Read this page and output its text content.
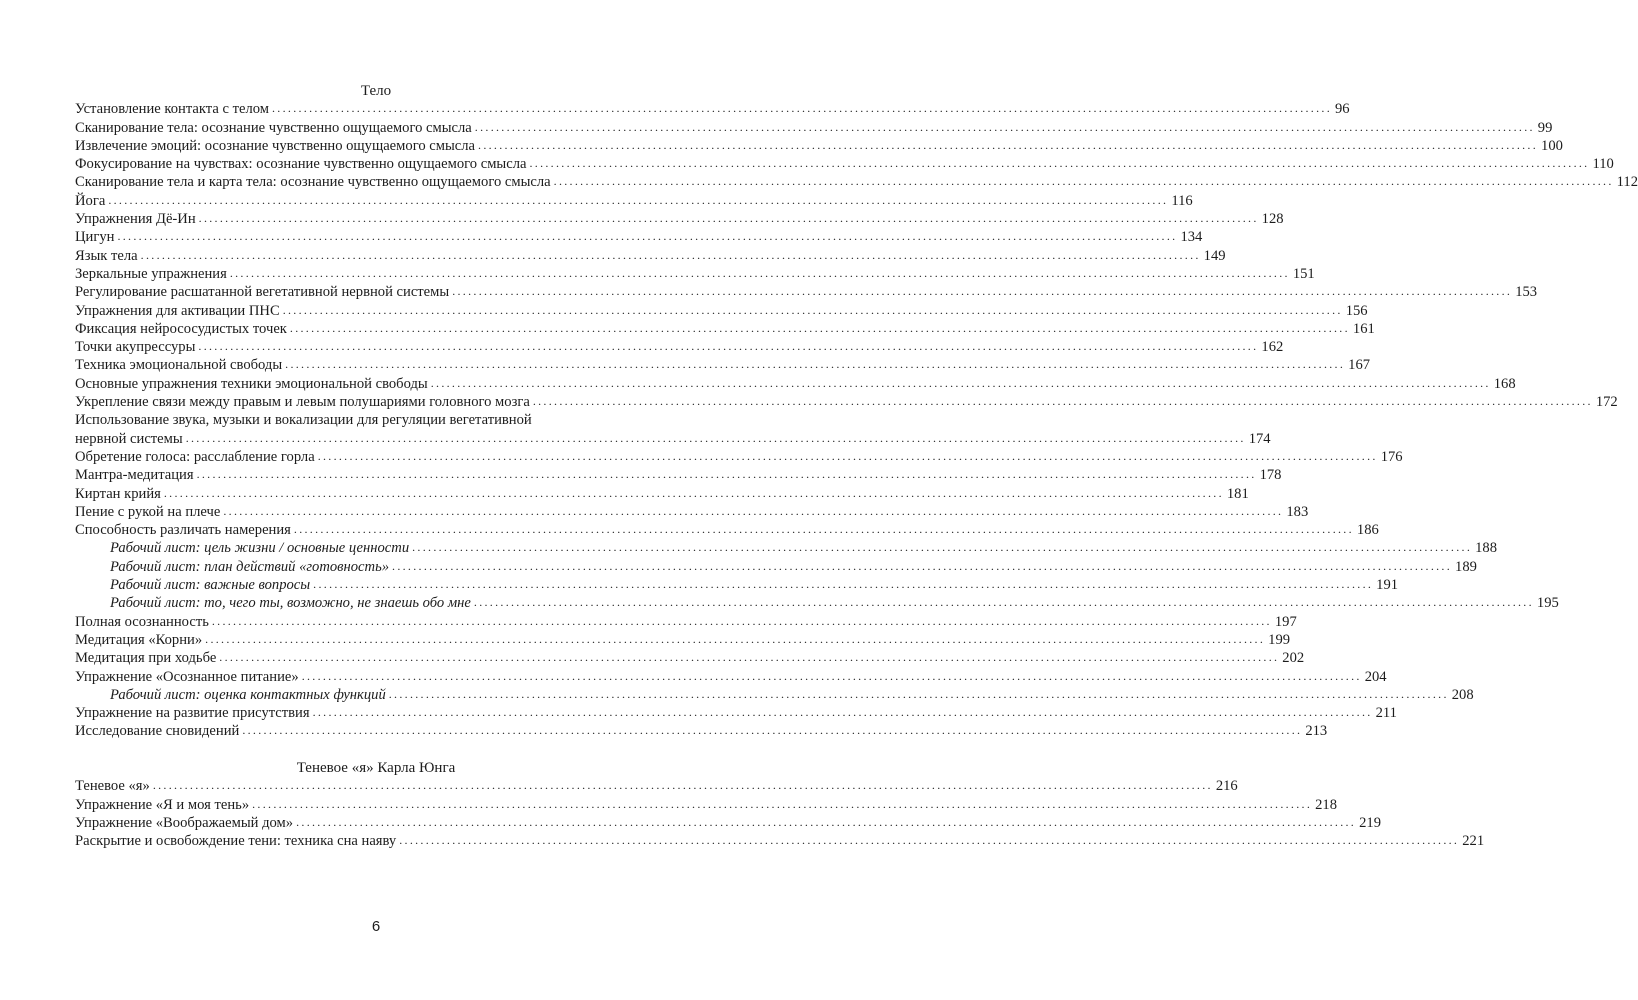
Тело
Установление контакта с телом ........................................................................................................................................................................................................ 96
Сканирование тела: осознание чувственно ощущаемого смысла ........................................................................................................................................................................................................ 99
Извлечение эмоций: осознание чувственно ощущаемого смысла ........................................................................................................................................................................................................ 100
Фокусирование на чувствах: осознание чувственно ощущаемого смысла ........................................................................................................................................................................................................ 110
Сканирование тела и карта тела: осознание чувственно ощущаемого смысла ........................................................................................................................................................................................................ 112
Йога ........................................................................................................................................................................................................ 116
Упражнения Дё-Ин ........................................................................................................................................................................................................ 128
Цигун ........................................................................................................................................................................................................ 134
Язык тела ........................................................................................................................................................................................................ 149
Зеркальные упражнения ........................................................................................................................................................................................................ 151
Регулирование расшатанной вегетативной нервной системы ........................................................................................................................................................................................................ 153
Упражнения для активации ПНС ........................................................................................................................................................................................................ 156
Фиксация нейрососудистых точек ........................................................................................................................................................................................................ 161
Точки акупрессуры ........................................................................................................................................................................................................ 162
Техника эмоциональной свободы ........................................................................................................................................................................................................ 167
Основные упражнения техники эмоциональной свободы ........................................................................................................................................................................................................ 168
Укрепление связи между правым и левым полушариями головного мозга ........................................................................................................................................................................................................ 172
Использование звука, музыки и вокализации для регуляции вегетативной
нервной системы ........................................................................................................................................................................................................ 174
Обретение голоса: расслабление горла ........................................................................................................................................................................................................ 176
Мантра-медитация ........................................................................................................................................................................................................ 178
Киртан крийя ........................................................................................................................................................................................................ 181
Пение с рукой на плече ........................................................................................................................................................................................................ 183
Способность различать намерения ........................................................................................................................................................................................................ 186
Рабочий лист: цель жизни / основные ценности ........................................................................................................................................................................................................ 188
Рабочий лист: план действий «готовность» ........................................................................................................................................................................................................ 189
Рабочий лист: важные вопросы ........................................................................................................................................................................................................ 191
Рабочий лист: то, чего ты, возможно, не знаешь обо мне ........................................................................................................................................................................................................ 195
Полная осознанность ........................................................................................................................................................................................................ 197
Медитация «Корни» ........................................................................................................................................................................................................ 199
Медитация при ходьбе ........................................................................................................................................................................................................ 202
Упражнение «Осознанное питание» ........................................................................................................................................................................................................ 204
Рабочий лист: оценка контактных функций ........................................................................................................................................................................................................ 208
Упражнение на развитие присутствия ........................................................................................................................................................................................................ 211
Исследование сновидений ........................................................................................................................................................................................................ 213
Теневое «я» Карла Юнга
Теневое «я» ........................................................................................................................................................................................................ 216
Упражнение «Я и моя тень» ........................................................................................................................................................................................................ 218
Упражнение «Воображаемый дом» ........................................................................................................................................................................................................ 219
Раскрытие и освобождение тени: техника сна наяву ........................................................................................................................................................................................................ 221
6
